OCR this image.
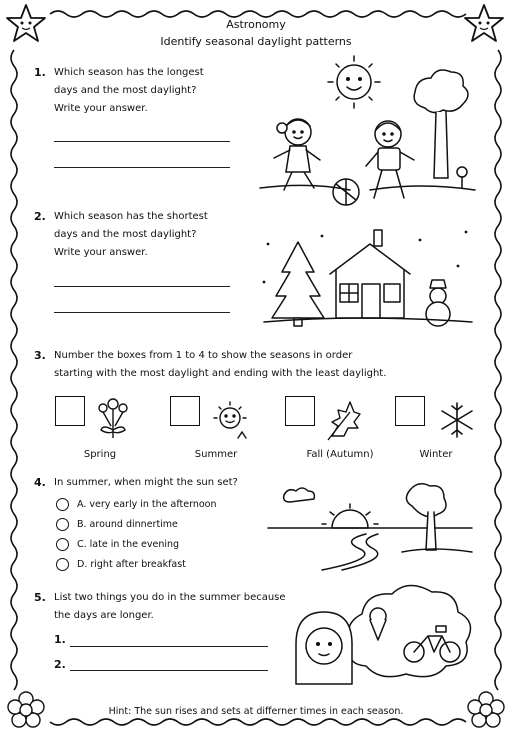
Astronomy
Identify seasonal daylight patterns
1. Which season has the longest
days and the most daylight?
Write your answer.
2. Which season has the shortest
days and the most daylight?
Write your answer.
3. Number the boxes from 1 to 4 to show the seasons in order
starting with the most daylight and ending with the least daylight.
Spring	Summer	Fall (Autumn)	Winter
4. In summer, when might the sun set?
A. very early in the afternoon
B. around dinnertime
C. late in the evening
D. right after breakfast
5. List two things you do in the summer because
the days are longer.
1.
2.
Hint: The sun rises and sets at differner times in each season.
